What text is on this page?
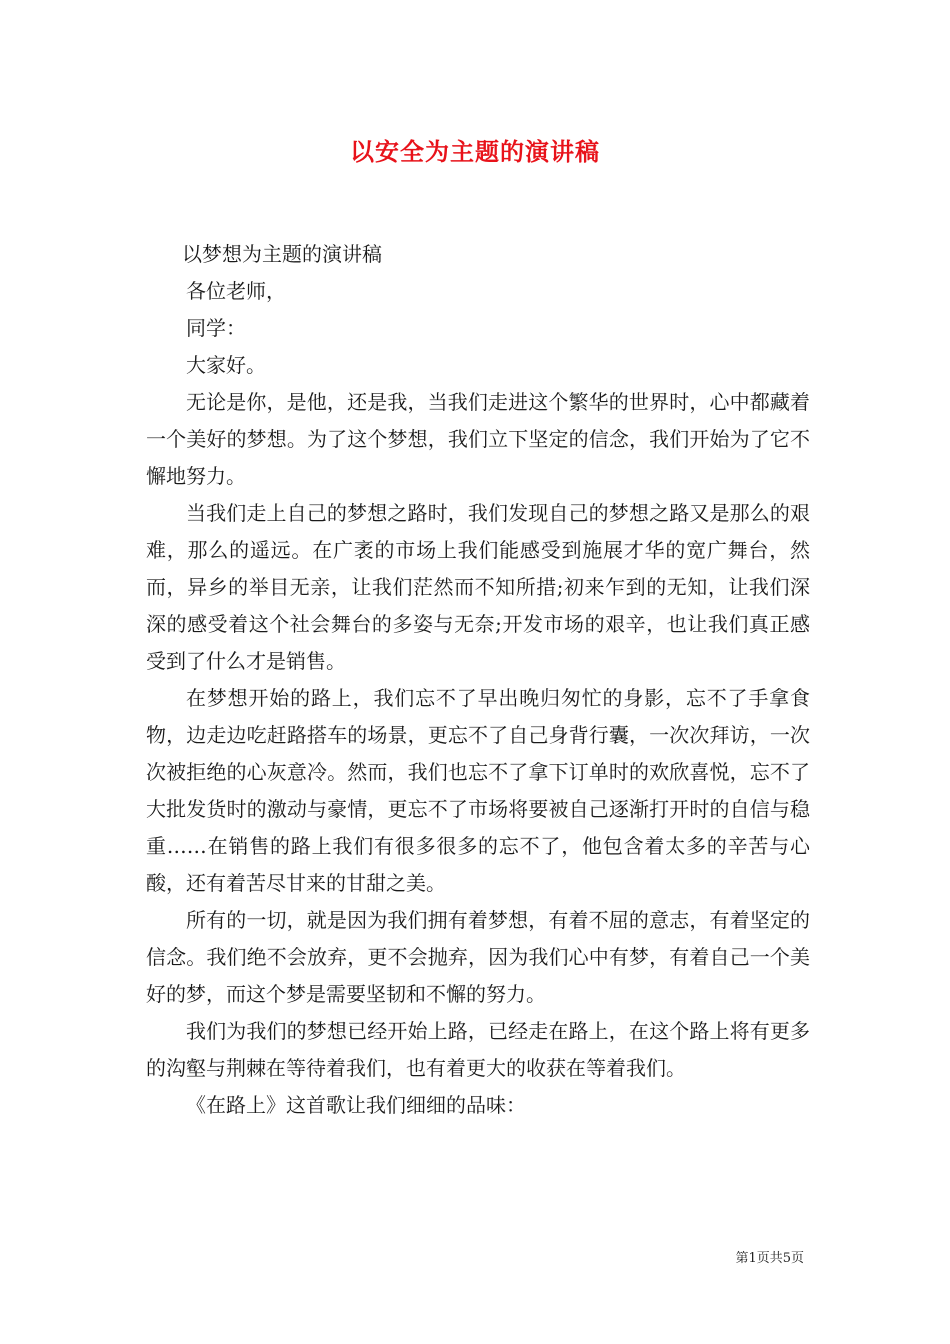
以安全为主题的演讲稿

以梦想为主题的演讲稿

各位老师，

同学：

大家好。

无论是你，是他，还是我，当我们走进这个繁华的世界时，心中都藏着一个美好的梦想。为了这个梦想，我们立下坚定的信念，我们开始为了它不懈地努力。

当我们走上自己的梦想之路时，我们发现自己的梦想之路又是那么的艰难，那么的遥远。在广袤的市场上我们能感受到施展才华的宽广舞台，然而，异乡的举目无亲，让我们茫然而不知所措;初来乍到的无知，让我们深深的感受着这个社会舞台的多姿与无奈;开发市场的艰辛，也让我们真正感受到了什么才是销售。

在梦想开始的路上，我们忘不了早出晚归匆忙的身影，忘不了手拿食物，边走边吃赶路搭车的场景，更忘不了自己身背行囊，一次次拜访，一次次被拒绝的心灰意冷。然而，我们也忘不了拿下订单时的欢欣喜悦，忘不了大批发货时的激动与豪情，更忘不了市场将要被自己逐渐打开时的自信与稳重……在销售的路上我们有很多很多的忘不了，他包含着太多的辛苦与心酸，还有着苦尽甘来的甘甜之美。

所有的一切，就是因为我们拥有着梦想，有着不屈的意志，有着坚定的信念。我们绝不会放弃，更不会抛弃，因为我们心中有梦，有着自己一个美好的梦，而这个梦是需要坚韧和不懈的努力。

我们为我们的梦想已经开始上路，已经走在路上，在这个路上将有更多的沟壑与荆棘在等待着我们，也有着更大的收获在等着我们。

《在路上》这首歌让我们细细的品味：

第1页共5页
